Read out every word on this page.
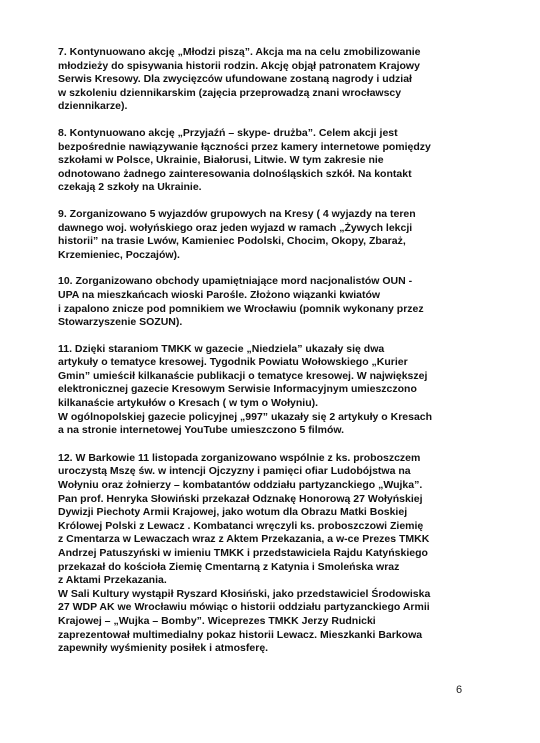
7. Kontynuowano akcję „Młodzi piszą”. Akcja ma na celu zmobilizowanie
młodzieży do spisywania historii rodzin. Akcję objął patronatem Krajowy
Serwis Kresowy. Dla zwycięzców ufundowane zostaną nagrody i udział
w szkoleniu dziennikarskim (zajęcia przeprowadzą znani wrocławscy
dziennikarze).
8. Kontynuowano akcję „Przyjaźń – skype- drużba”. Celem akcji jest
bezpośrednie nawiązywanie łączności przez kamery internetowe pomiędzy
szkołami w Polsce, Ukrainie, Białorusi, Litwie. W tym zakresie nie
odnotowano żadnego zainteresowania dolnośląskich szkół. Na kontakt
czekają 2 szkoły na Ukrainie.
9. Zorganizowano 5 wyjazdów grupowych na Kresy ( 4 wyjazdy na teren
dawnego woj. wołyńskiego oraz jeden wyjazd w ramach „Żywych lekcji
historii” na trasie Lwów, Kamieniec Podolski, Chocim, Okopy, Zbaraż,
Krzemieniec, Poczajów).
10. Zorganizowano obchody upamiętniające mord nacjonalistów OUN -
UPA na mieszkańcach wioski Parośle. Złożono wiązanki kwiatów
i zapalono znicze pod pomnikiem we Wrocławiu (pomnik wykonany przez
Stowarzyszenie SOZUN).
11. Dzięki staraniom TMKK w gazecie „Niedziela” ukazały się dwa
artykuły o tematyce kresowej. Tygodnik Powiatu Wołowskiego „Kurier
Gmin” umieścił kilkanaście publikacji o tematyce kresowej. W największej
elektronicznej gazecie Kresowym Serwisie Informacyjnym umieszczono
kilkanaście artykułów o Kresach ( w tym o Wołyniu).
W ogólnopolskiej gazecie policyjnej „997” ukazały się 2 artykuły o Kresach
a na stronie internetowej YouTube umieszczono 5 filmów.
12. W Barkowie 11 listopada zorganizowano wspólnie z ks. proboszczem
uroczystą Mszę św. w intencji Ojczyzny i pamięci ofiar Ludobójstwa na
Wołyniu oraz żołnierzy – kombatantów oddziału partyzanckiego „Wujka”.
Pan prof. Henryka Słowiński przekazał Odznakę Honorową 27 Wołyńskiej
Dywizji Piechoty Armii Krajowej, jako wotum dla Obrazu Matki Boskiej
Królowej Polski z Lewacz . Kombatanci wręczyli ks. proboszczowi Ziemię
z Cmentarza w Lewaczach wraz z Aktem Przekazania, a w-ce Prezes TMKK
Andrzej Patuszyński w imieniu TMKK i przedstawiciela Rajdu Katyńskiego
przekazał do kościoła Ziemię Cmentarną z Katynia i Smoleńska wraz
z Aktami Przekazania.
W Sali Kultury wystąpił Ryszard Kłosiński, jako przedstawiciel Środowiska
27 WDP AK we Wrocławiu mówiąc o historii oddziału partyzanckiego Armii
Krajowej – „Wujka – Bomby”. Wiceprezes TMKK Jerzy Rudnicki
zaprezentował multimedialny pokaz historii Lewacz. Mieszkanki Barkowa
zapewniły wyśmienity posiłek i atmosferę.
6
